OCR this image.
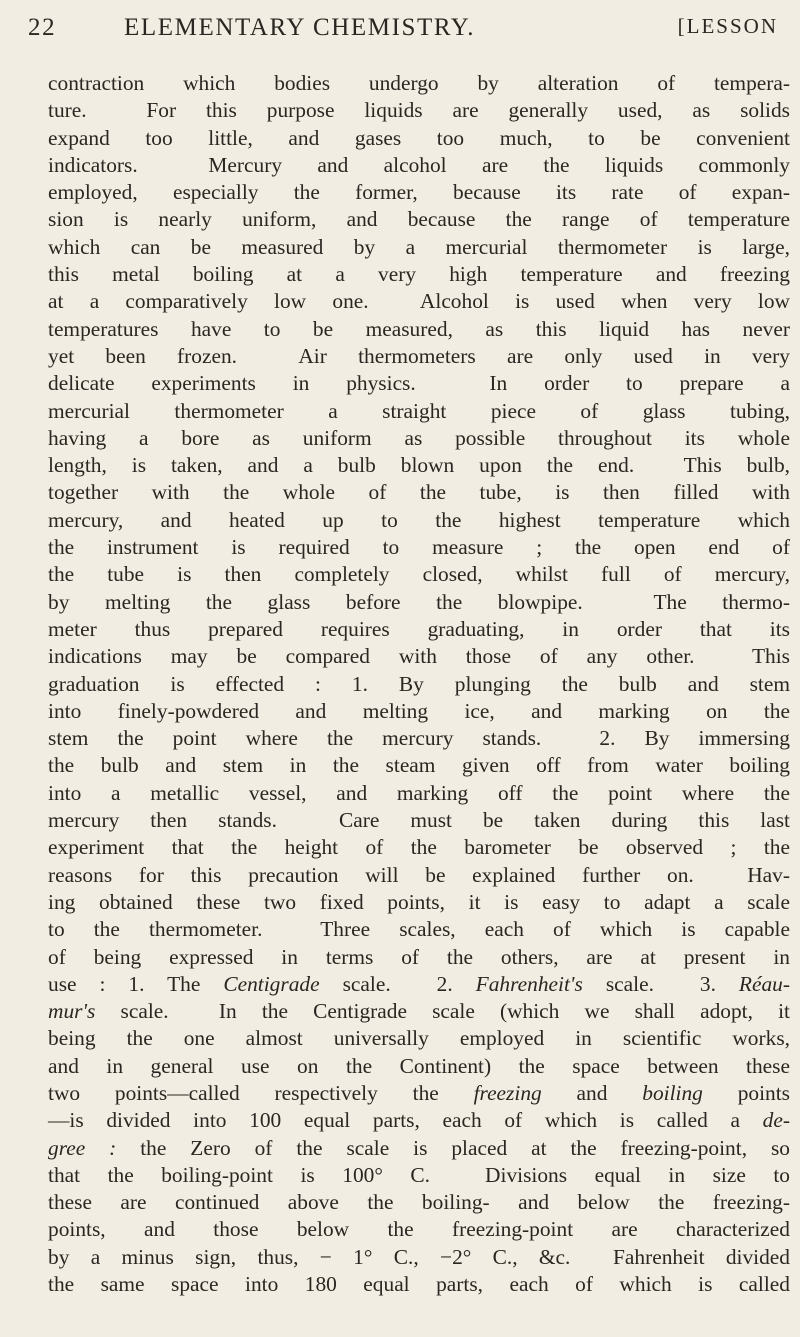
22	ELEMENTARY CHEMISTRY.	[LESSON
contraction which bodies undergo by alteration of tempera-
ture.  For this purpose liquids are generally used, as solids
expand too little, and gases too much, to be convenient
indicators.  Mercury and alcohol are the liquids commonly
employed, especially the former, because its rate of expan-
sion is nearly uniform, and because the range of temperature
which can be measured by a mercurial thermometer is large,
this metal boiling at a very high temperature and freezing
at a comparatively low one.  Alcohol is used when very low
temperatures have to be measured, as this liquid has never
yet been frozen.  Air thermometers are only used in very
delicate experiments in physics.  In order to prepare a
mercurial thermometer a straight piece of glass tubing,
having a bore as uniform as possible throughout its whole
length, is taken, and a bulb blown upon the end.  This bulb,
together with the whole of the tube, is then filled with
mercury, and heated up to the highest temperature which
the instrument is required to measure ; the open end of
the tube is then completely closed, whilst full of mercury,
by melting the glass before the blowpipe.  The thermo-
meter thus prepared requires graduating, in order that its
indications may be compared with those of any other.  This
graduation is effected : 1. By plunging the bulb and stem
into finely-powdered and melting ice, and marking on the
stem the point where the mercury stands.  2. By immersing
the bulb and stem in the steam given off from water boiling
into a metallic vessel, and marking off the point where the
mercury then stands.  Care must be taken during this last
experiment that the height of the barometer be observed ; the
reasons for this precaution will be explained further on.  Hav-
ing obtained these two fixed points, it is easy to adapt a scale
to the thermometer.  Three scales, each of which is capable
of being expressed in terms of the others, are at present in
use : 1. The Centigrade scale.  2. Fahrenheit's scale.  3. Réau-
mur's scale.  In the Centigrade scale (which we shall adopt, it
being the one almost universally employed in scientific works,
and in general use on the Continent) the space between these
two points—called respectively the freezing and boiling points
—is divided into 100 equal parts, each of which is called a de-
gree : the Zero of the scale is placed at the freezing-point, so
that the boiling-point is 100° C.  Divisions equal in size to
these are continued above the boiling- and below the freezing-
points, and those below the freezing-point are characterized
by a minus sign, thus, − 1° C., −2° C., &c.  Fahrenheit divided
the same space into 180 equal parts, each of which is called
